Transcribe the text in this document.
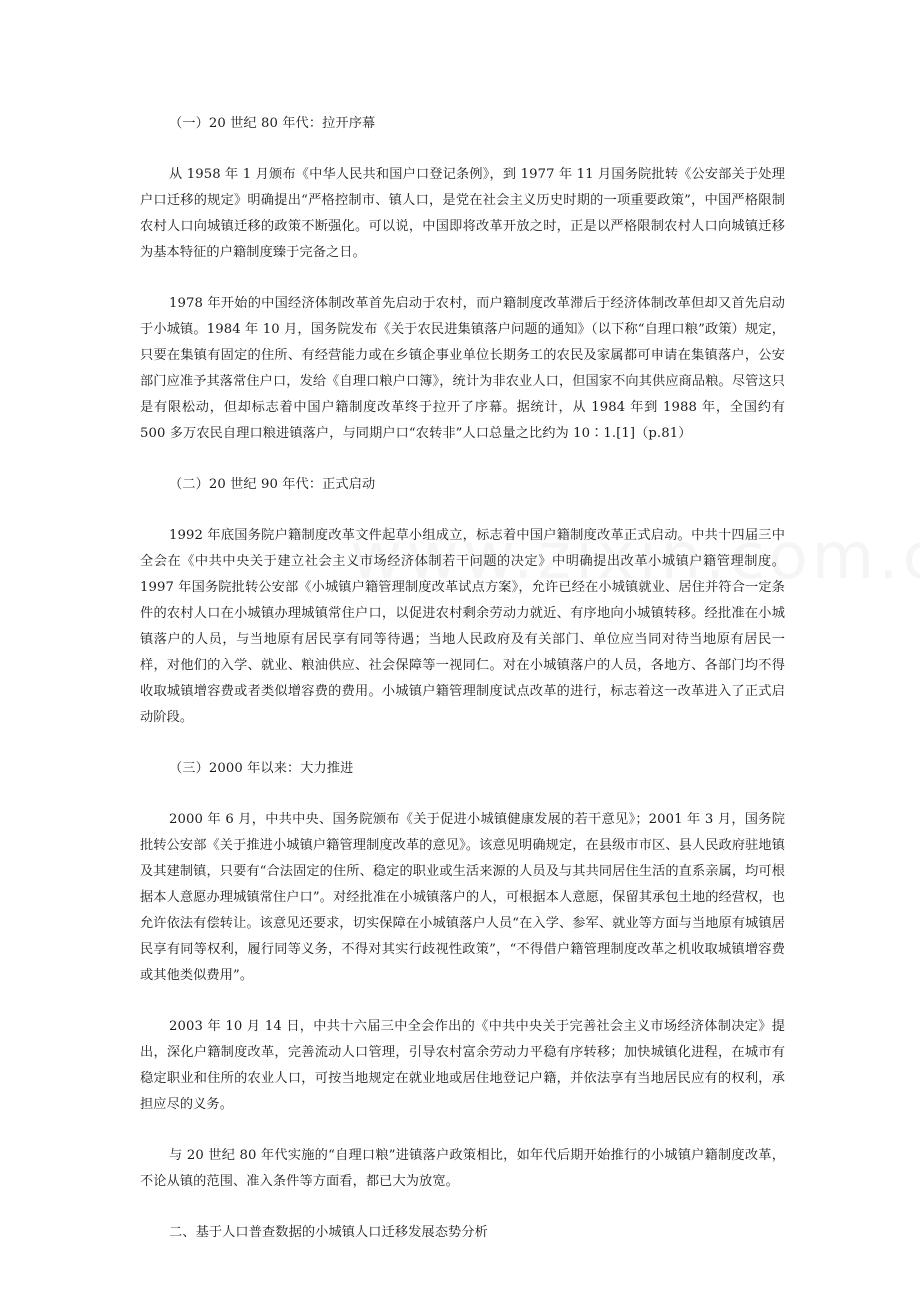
（一）20 世纪 80 年代：拉开序幕

从 1958 年 1 月颁布《中华人民共和国户口登记条例》，到 1977 年 11 月国务院批转《公安部关于处理户口迁移的规定》明确提出“严格控制市、镇人口，是党在社会主义历史时期的一项重要政策”，中国严格限制农村人口向城镇迁移的政策不断强化。可以说，中国即将改革开放之时，正是以严格限制农村人口向城镇迁移为基本特征的户籍制度臻于完备之日。

1978 年开始的中国经济体制改革首先启动于农村，而户籍制度改革滞后于经济体制改革但却又首先启动于小城镇。1984 年 10 月，国务院发布《关于农民进集镇落户问题的通知》（以下称“自理口粮”政策）规定，只要在集镇有固定的住所、有经营能力或在乡镇企事业单位长期务工的农民及家属都可申请在集镇落户，公安部门应准予其落常住户口，发给《自理口粮户口簿》，统计为非农业人口，但国家不向其供应商品粮。尽管这只是有限松动，但却标志着中国户籍制度改革终于拉开了序幕。据统计，从 1984 年到 1988 年，全国约有 500 多万农民自理口粮进镇落户，与同期户口“农转非”人口总量之比约为 10∶1.[1]（p.81）

（二）20 世纪 90 年代：正式启动

1992 年底国务院户籍制度改革文件起草小组成立，标志着中国户籍制度改革正式启动。中共十四届三中全会在《中共中央关于建立社会主义市场经济体制若干问题的决定》中明确提出改革小城镇户籍管理制度。1997 年国务院批转公安部《小城镇户籍管理制度改革试点方案》，允许已经在小城镇就业、居住并符合一定条件的农村人口在小城镇办理城镇常住户口，以促进农村剩余劳动力就近、有序地向小城镇转移。经批准在小城镇落户的人员，与当地原有居民享有同等待遇；当地人民政府及有关部门、单位应当同对待当地原有居民一样，对他们的入学、就业、粮油供应、社会保障等一视同仁。对在小城镇落户的人员，各地方、各部门均不得收取城镇增容费或者类似增容费的费用。小城镇户籍管理制度试点改革的进行，标志着这一改革进入了正式启动阶段。

（三）2000 年以来：大力推进

2000 年 6 月，中共中央、国务院颁布《关于促进小城镇健康发展的若干意见》；2001 年 3 月，国务院批转公安部《关于推进小城镇户籍管理制度改革的意见》。该意见明确规定，在县级市市区、县人民政府驻地镇及其建制镇，只要有“合法固定的住所、稳定的职业或生活来源的人员及与其共同居住生活的直系亲属，均可根据本人意愿办理城镇常住户口”。对经批准在小城镇落户的人，可根据本人意愿，保留其承包土地的经营权，也允许依法有偿转让。该意见还要求，切实保障在小城镇落户人员“在入学、参军、就业等方面与当地原有城镇居民享有同等权利，履行同等义务，不得对其实行歧视性政策”，“不得借户籍管理制度改革之机收取城镇增容费或其他类似费用”。

2003 年 10 月 14 日，中共十六届三中全会作出的《中共中央关于完善社会主义市场经济体制决定》提出，深化户籍制度改革，完善流动人口管理，引导农村富余劳动力平稳有序转移；加快城镇化进程，在城市有稳定职业和住所的农业人口，可按当地规定在就业地或居住地登记户籍，并依法享有当地居民应有的权利，承担应尽的义务。

与 20 世纪 80 年代实施的“自理口粮”进镇落户政策相比，如年代后期开始推行的小城镇户籍制度改革，不论从镇的范围、准入条件等方面看，都已大为放宽。

二、基于人口普查数据的小城镇人口迁移发展态势分析
